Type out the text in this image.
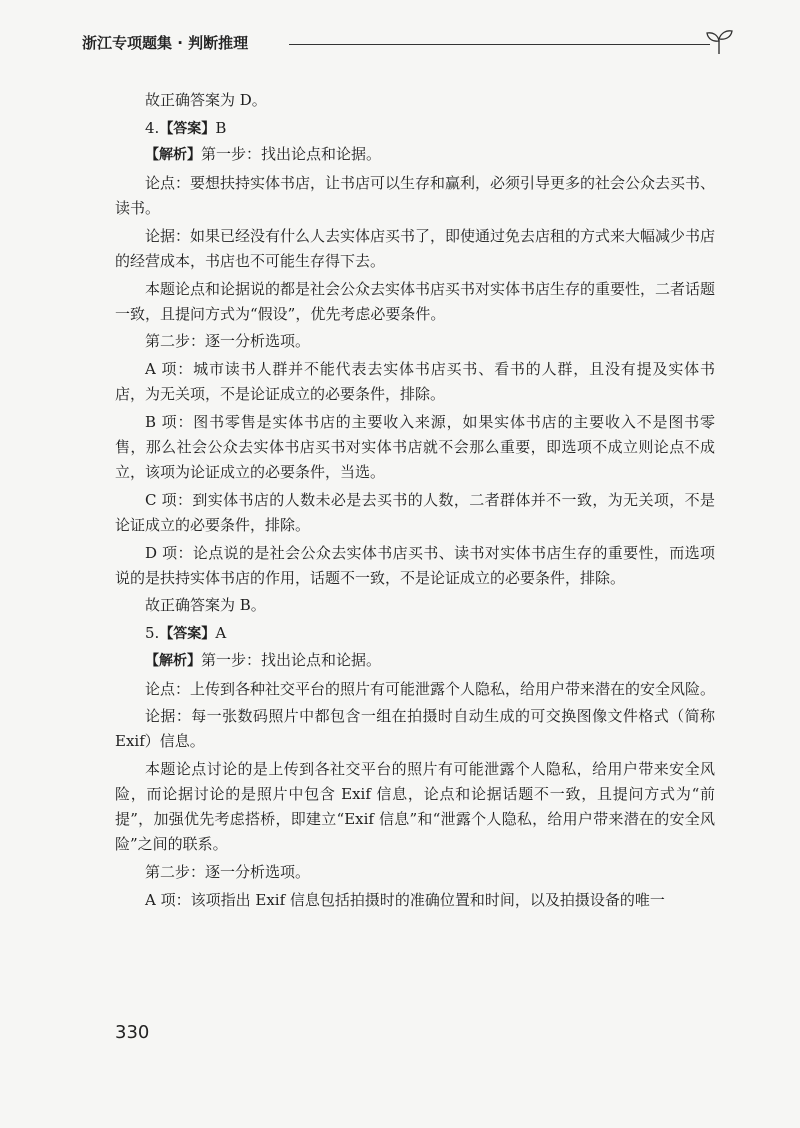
浙江专项题集 · 判断推理

故正确答案为 D。

4.【答案】B

【解析】第一步：找出论点和论据。

论点：要想扶持实体书店，让书店可以生存和赢利，必须引导更多的社会公众去买书、读书。

论据：如果已经没有什么人去实体店买书了，即使通过免去店租的方式来大幅减少书店的经营成本，书店也不可能生存得下去。

本题论点和论据说的都是社会公众去实体书店买书对实体书店生存的重要性，二者话题一致，且提问方式为“假设”，优先考虑必要条件。

第二步：逐一分析选项。

A 项：城市读书人群并不能代表去实体书店买书、看书的人群，且没有提及实体书店，为无关项，不是论证成立的必要条件，排除。

B 项：图书零售是实体书店的主要收入来源，如果实体书店的主要收入不是图书零售，那么社会公众去实体书店买书对实体书店就不会那么重要，即选项不成立则论点不成立，该项为论证成立的必要条件，当选。

C 项：到实体书店的人数未必是去买书的人数，二者群体并不一致，为无关项，不是论证成立的必要条件，排除。

D 项：论点说的是社会公众去实体书店买书、读书对实体书店生存的重要性，而选项说的是扶持实体书店的作用，话题不一致，不是论证成立的必要条件，排除。

故正确答案为 B。

5.【答案】A

【解析】第一步：找出论点和论据。

论点：上传到各种社交平台的照片有可能泄露个人隐私，给用户带来潜在的安全风险。

论据：每一张数码照片中都包含一组在拍摄时自动生成的可交换图像文件格式（简称 Exif）信息。

本题论点讨论的是上传到各社交平台的照片有可能泄露个人隐私，给用户带来安全风险，而论据讨论的是照片中包含 Exif 信息，论点和论据话题不一致，且提问方式为“前提”，加强优先考虑搭桥，即建立“Exif 信息”和“泄露个人隐私，给用户带来潜在的安全风险”之间的联系。

第二步：逐一分析选项。

A 项：该项指出 Exif 信息包括拍摄时的准确位置和时间，以及拍摄设备的唯一

330
